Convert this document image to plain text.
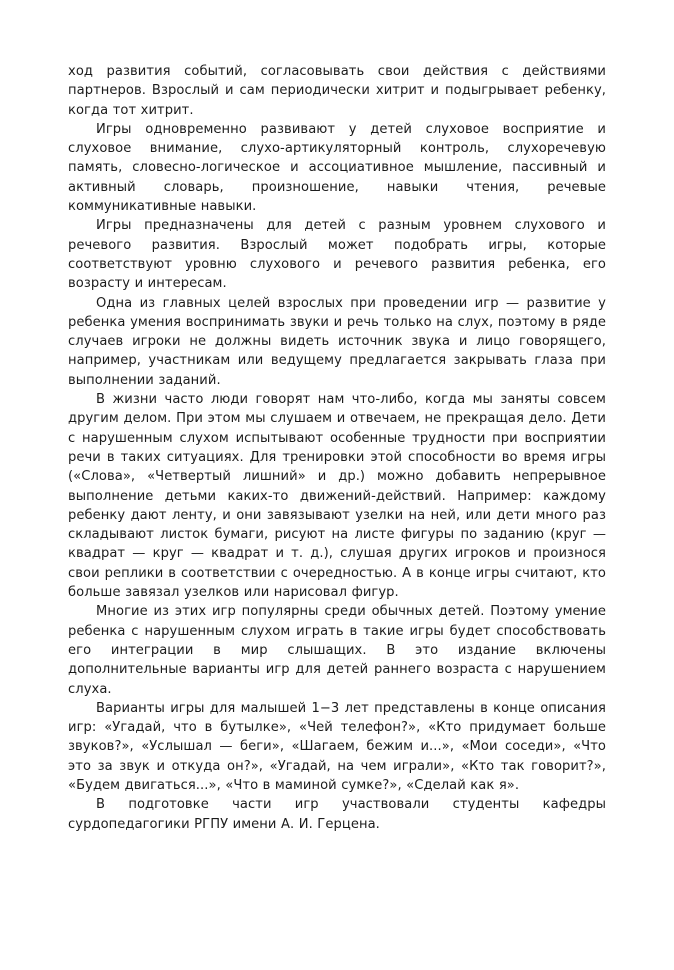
ход развития событий, согласовывать свои действия с действиями партнеров. Взрослый и сам периодически хитрит и подыгрывает ребенку, когда тот хитрит.

Игры одновременно развивают у детей слуховое восприятие и слуховое внимание, слухо-артикуляторный контроль, слухоречевую память, словесно-логическое и ассоциативное мышление, пассивный и активный словарь, произношение, навыки чтения, речевые коммуникативные навыки.

Игры предназначены для детей с разным уровнем слухового и речевого развития. Взрослый может подобрать игры, которые соответствуют уровню слухового и речевого развития ребенка, его возрасту и интересам.

Одна из главных целей взрослых при проведении игр — развитие у ребенка умения воспринимать звуки и речь только на слух, поэтому в ряде случаев игроки не должны видеть источник звука и лицо говорящего, например, участникам или ведущему предлагается закрывать глаза при выполнении заданий.

В жизни часто люди говорят нам что-либо, когда мы заняты совсем другим делом. При этом мы слушаем и отвечаем, не прекращая дело. Дети с нарушенным слухом испытывают особенные трудности при восприятии речи в таких ситуациях. Для тренировки этой способности во время игры («Слова», «Четвертый лишний» и др.) можно добавить непрерывное выполнение детьми каких-то движений-действий. Например: каждому ребенку дают ленту, и они завязывают узелки на ней, или дети много раз складывают листок бумаги, рисуют на листе фигуры по заданию (круг — квадрат — круг — квадрат и т. д.), слушая других игроков и произнося свои реплики в соответствии с очередностью. А в конце игры считают, кто больше завязал узелков или нарисовал фигур.

Многие из этих игр популярны среди обычных детей. Поэтому умение ребенка с нарушенным слухом играть в такие игры будет способствовать его интеграции в мир слышащих. В это издание включены дополнительные варианты игр для детей раннего возраста с нарушением слуха.

Варианты игры для малышей 1−3 лет представлены в конце описания игр: «Угадай, что в бутылке», «Чей телефон?», «Кто придумает больше звуков?», «Услышал — беги», «Шагаем, бежим и...», «Мои соседи», «Что это за звук и откуда он?», «Угадай, на чем играли», «Кто так говорит?», «Будем двигаться...», «Что в маминой сумке?», «Сделай как я».

В подготовке части игр участвовали студенты кафедры сурдопедагогики РГПУ имени А. И. Герцена.
